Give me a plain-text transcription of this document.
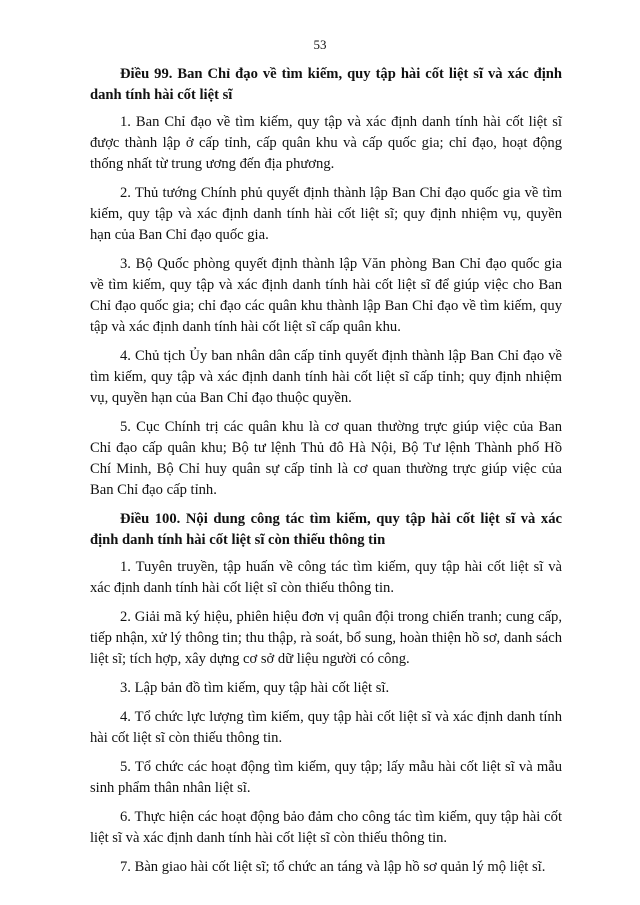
53

Điều 99. Ban Chỉ đạo về tìm kiếm, quy tập hài cốt liệt sĩ và xác định danh tính hài cốt liệt sĩ

1. Ban Chỉ đạo về tìm kiếm, quy tập và xác định danh tính hài cốt liệt sĩ được thành lập ở cấp tỉnh, cấp quân khu và cấp quốc gia; chỉ đạo, hoạt động thống nhất từ trung ương đến địa phương.

2. Thủ tướng Chính phủ quyết định thành lập Ban Chỉ đạo quốc gia về tìm kiếm, quy tập và xác định danh tính hài cốt liệt sĩ; quy định nhiệm vụ, quyền hạn của Ban Chỉ đạo quốc gia.

3. Bộ Quốc phòng quyết định thành lập Văn phòng Ban Chỉ đạo quốc gia về tìm kiếm, quy tập và xác định danh tính hài cốt liệt sĩ để giúp việc cho Ban Chỉ đạo quốc gia; chỉ đạo các quân khu thành lập Ban Chỉ đạo về tìm kiếm, quy tập và xác định danh tính hài cốt liệt sĩ cấp quân khu.

4. Chủ tịch Ủy ban nhân dân cấp tỉnh quyết định thành lập Ban Chỉ đạo về tìm kiếm, quy tập và xác định danh tính hài cốt liệt sĩ cấp tỉnh; quy định nhiệm vụ, quyền hạn của Ban Chỉ đạo thuộc quyền.

5. Cục Chính trị các quân khu là cơ quan thường trực giúp việc của Ban Chỉ đạo cấp quân khu; Bộ tư lệnh Thủ đô Hà Nội, Bộ Tư lệnh Thành phố Hồ Chí Minh, Bộ Chỉ huy quân sự cấp tỉnh là cơ quan thường trực giúp việc của Ban Chỉ đạo cấp tỉnh.

Điều 100. Nội dung công tác tìm kiếm, quy tập hài cốt liệt sĩ và xác định danh tính hài cốt liệt sĩ còn thiếu thông tin

1. Tuyên truyền, tập huấn về công tác tìm kiếm, quy tập hài cốt liệt sĩ và xác định danh tính hài cốt liệt sĩ còn thiếu thông tin.

2. Giải mã ký hiệu, phiên hiệu đơn vị quân đội trong chiến tranh; cung cấp, tiếp nhận, xử lý thông tin; thu thập, rà soát, bổ sung, hoàn thiện hồ sơ, danh sách liệt sĩ; tích hợp, xây dựng cơ sở dữ liệu người có công.

3. Lập bản đồ tìm kiếm, quy tập hài cốt liệt sĩ.

4. Tổ chức lực lượng tìm kiếm, quy tập hài cốt liệt sĩ và xác định danh tính hài cốt liệt sĩ còn thiếu thông tin.

5. Tổ chức các hoạt động tìm kiếm, quy tập; lấy mẫu hài cốt liệt sĩ và mẫu sinh phẩm thân nhân liệt sĩ.

6. Thực hiện các hoạt động bảo đảm cho công tác tìm kiếm, quy tập hài cốt liệt sĩ và xác định danh tính hài cốt liệt sĩ còn thiếu thông tin.

7. Bàn giao hài cốt liệt sĩ; tổ chức an táng và lập hồ sơ quản lý mộ liệt sĩ.
